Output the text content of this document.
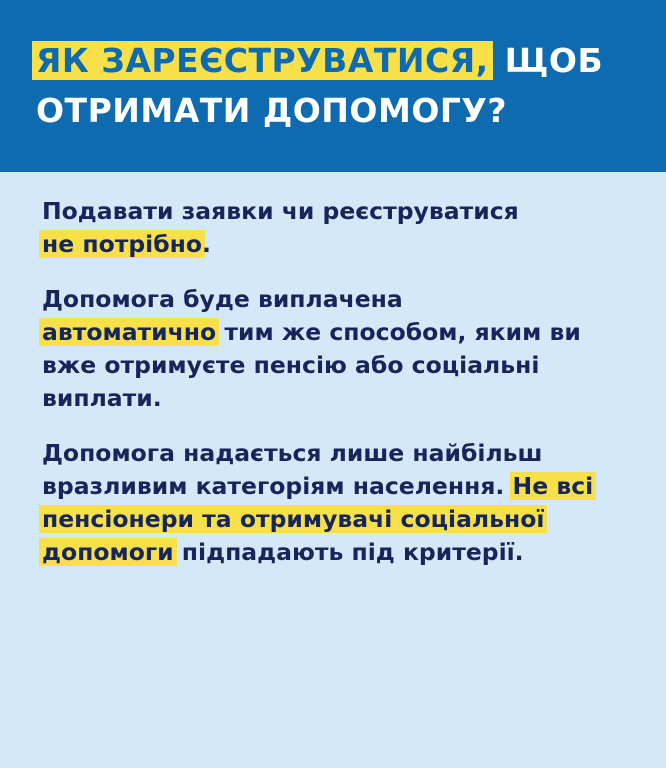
ЯК ЗАРЕЄСТРУВАТИСЯ, ЩОБ ОТРИМАТИ ДОПОМОГУ?

Подавати заявки чи реєструватися
не потрібно.

Допомога буде виплачена
автоматично тим же способом, яким ви вже отримуєте пенсію або соціальні виплати.

Допомога надається лише найбільш вразливим категоріям населення. Не всі пенсіонери та отримувачі соціальної допомоги підпадають під критерії.
